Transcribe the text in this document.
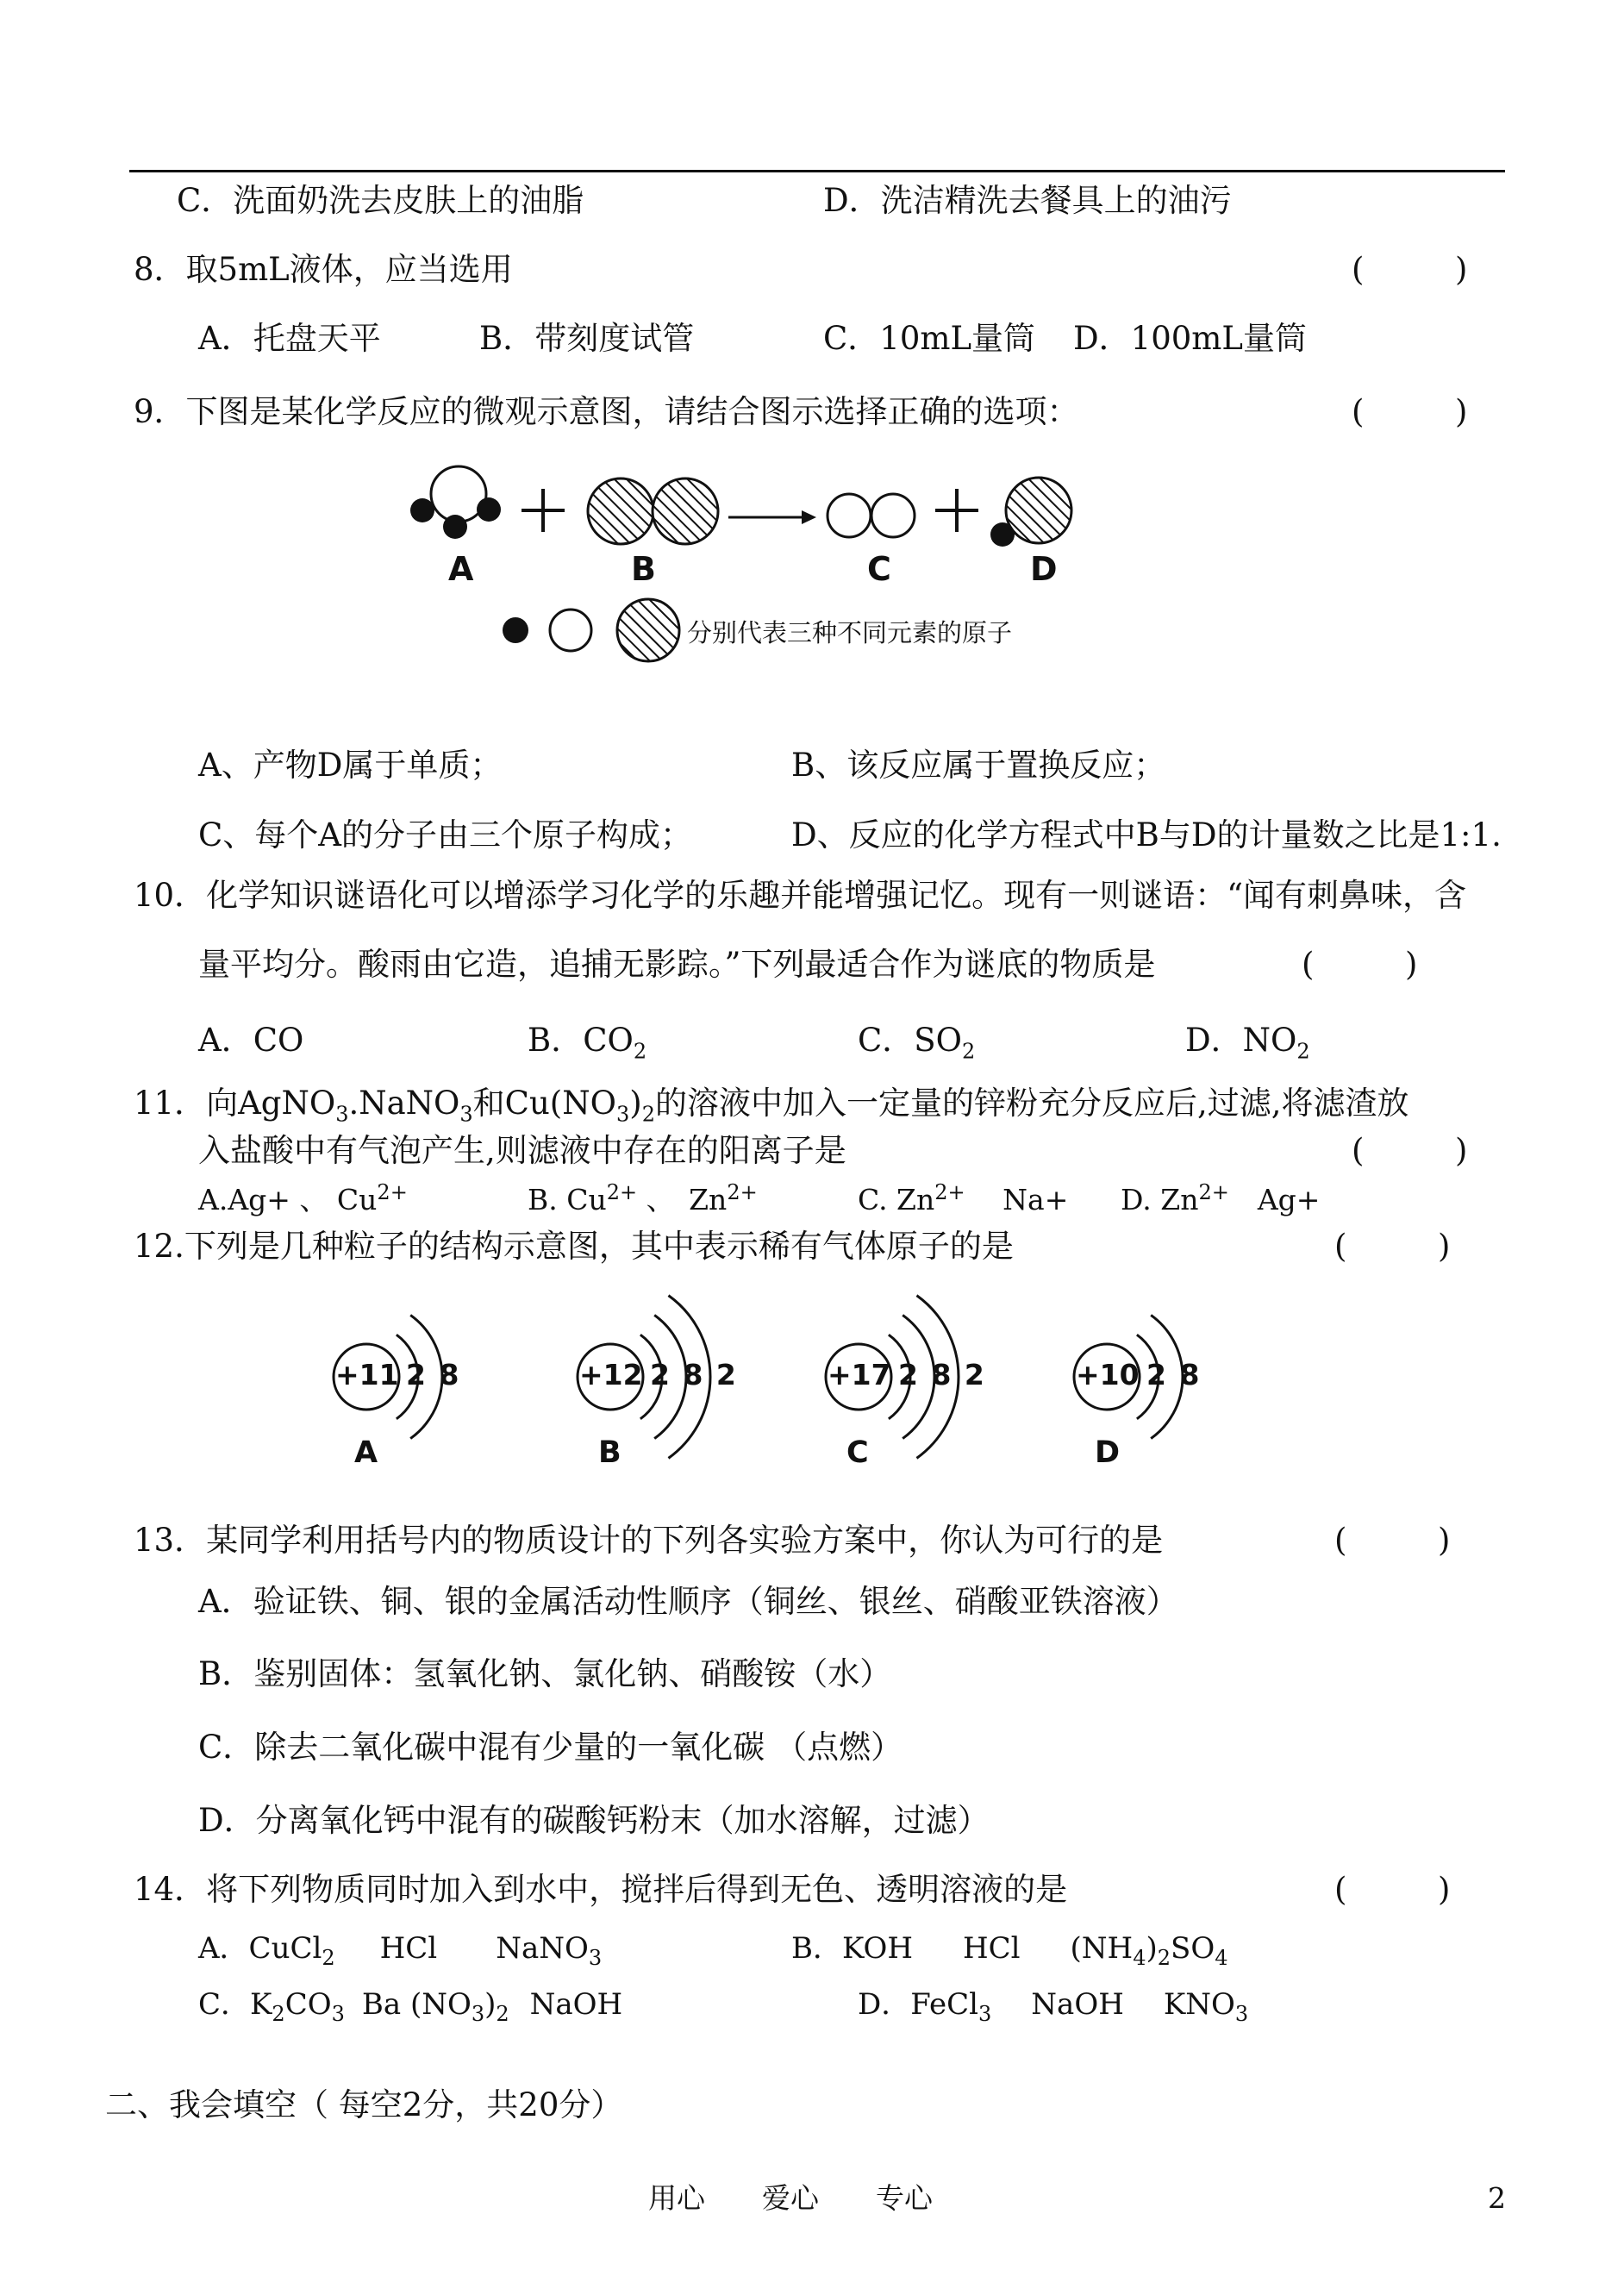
C．洗面奶洗去皮肤上的油脂	D．洗洁精洗去餐具上的油污
8．取5mL液体，应当选用	(	)
A．托盘天平	B．带刻度试管	C．10mL量筒 D．100mL量筒
9．下图是某化学反应的微观示意图，请结合图示选择正确的选项：	(	)
A	B	C	D
分别代表三种不同元素的原子
A、产物D属于单质；	B、该反应属于置换反应；
C、每个A的分子由三个原子构成；	D、反应的化学方程式中B与D的计量数之比是1:1.
10．化学知识谜语化可以增添学习化学的乐趣并能增强记忆。现有一则谜语：“闻有刺鼻味，含
量平均分。酸雨由它造，追捕无影踪。”下列最适合作为谜底的物质是	(	)
A．CO	B．$CO_2$	C．$SO_2$	D．$NO_2$
11．向AgNO$_3$.NaNO$_3$和$Cu(NO_3)_2$的溶液中加入一定量的锌粉充分反应后,过滤,将滤渣放
入盐酸中有气泡产生,则滤液中存在的阳离子是	(	)
A.Ag+ 、 $Cu^{2+}$	B. $Cu^{2+}$ 、　 $Zn^{2+}$	C. $Zn^{2+}$　 Na+ D. $Zn^{2+}$　 Ag+
12.下列是几种粒子的结构示意图，其中表示稀有气体原子的是	(	)
+11 2 8
A
+12 2 8 2
B
+17 2 8 2
C
+10 2 8
D
13．某同学利用括号内的物质设计的下列各实验方案中，你认为可行的是	(	)
A．验证铁、铜、银的金属活动性顺序（铜丝、银丝、硝酸亚铁溶液）
B．鉴别固体：氢氧化钠、氯化钠、硝酸铵（水）
C．除去二氧化碳中混有少量的一氧化碳 （点燃）
D．分离氧化钙中混有的碳酸钙粉末（加水溶解，过滤）
14．将下列物质同时加入到水中，搅拌后得到无色、透明溶液的是	(	)
A．CuCl$_2$ HCl NaNO$_3$	B．KOH HCl $(NH_4)_2SO_4$
C．$K_2CO_3$ Ba $(NO_3)_2$ NaOH	D．FeCl$_3$ NaOH $KNO_3$
二、我会填空（ 每空2分，共20分）
用心　　爱心　　专心	2
